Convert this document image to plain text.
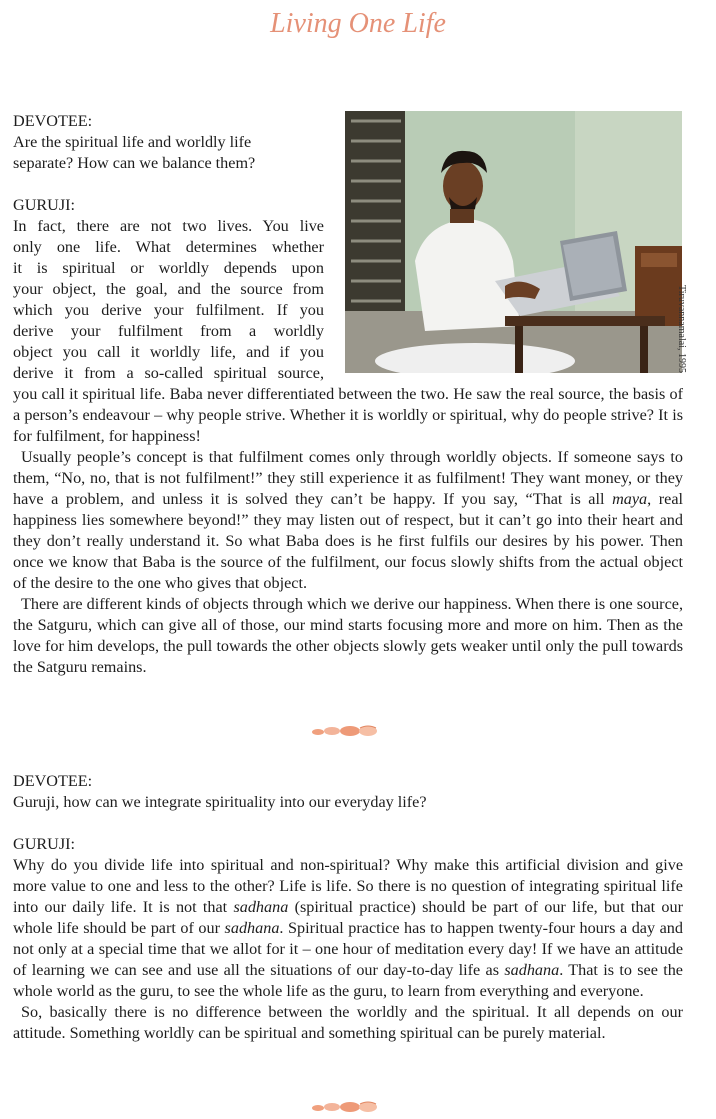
Living One Life
Tiruvannamalai, 1995

DEVOTEE:

Are the spiritual life and worldly life

separate? How can we balance them?

GURUJI:

In fact, there are not two lives. You live

only one life. What determines whether

it is spiritual or worldly depends upon

your object, the goal, and the source from

which you derive your fulfilment. If you

derive your fulfilment from a worldly

object you call it worldly life, and if you

derive it from a so-called spiritual source,

you call it spiritual life. Baba never differentiated between the two. He saw the real source, the basis of a person’s endeavour – why people strive. Whether it is worldly or spiritual, why do people strive? It is for fulfilment, for happiness!

Usually people’s concept is that fulfilment comes only through worldly objects. If someone says to them, “No, no, that is not fulfilment!” they still experience it as fulfilment! They want money, or they have a problem, and unless it is solved they can’t be happy. If you say, “That is all maya, real happiness lies somewhere beyond!” they may listen out of respect, but it can’t go into their heart and they don’t really understand it. So what Baba does is he first fulfils our desires by his power. Then once we know that Baba is the source of the fulfilment, our focus slowly shifts from the actual object of the desire to the one who gives that object.

There are different kinds of objects through which we derive our happiness. When there is one source, the Satguru, which can give all of those, our mind starts focusing more and more on him. Then as the love for him develops, the pull towards the other objects slowly gets weaker until only the pull towards the Satguru remains.

DEVOTEE:

Guruji, how can we integrate spirituality into our everyday life?

GURUJI:

Why do you divide life into spiritual and non-spiritual? Why make this artificial division and give more value to one and less to the other? Life is life. So there is no question of integrating spiritual life into our daily life. It is not that sadhana (spiritual practice) should be part of our life, but that our whole life should be part of our sadhana. Spiritual practice has to happen twenty-four hours a day and not only at a special time that we allot for it – one hour of meditation every day! If we have an attitude of learning we can see and use all the situations of our day-to-day life as sadhana. That is to see the whole world as the guru, to see the whole life as the guru, to learn from everything and everyone.

So, basically there is no difference between the worldly and the spiritual. It all depends on our attitude. Something worldly can be spiritual and something spiritual can be purely material.
